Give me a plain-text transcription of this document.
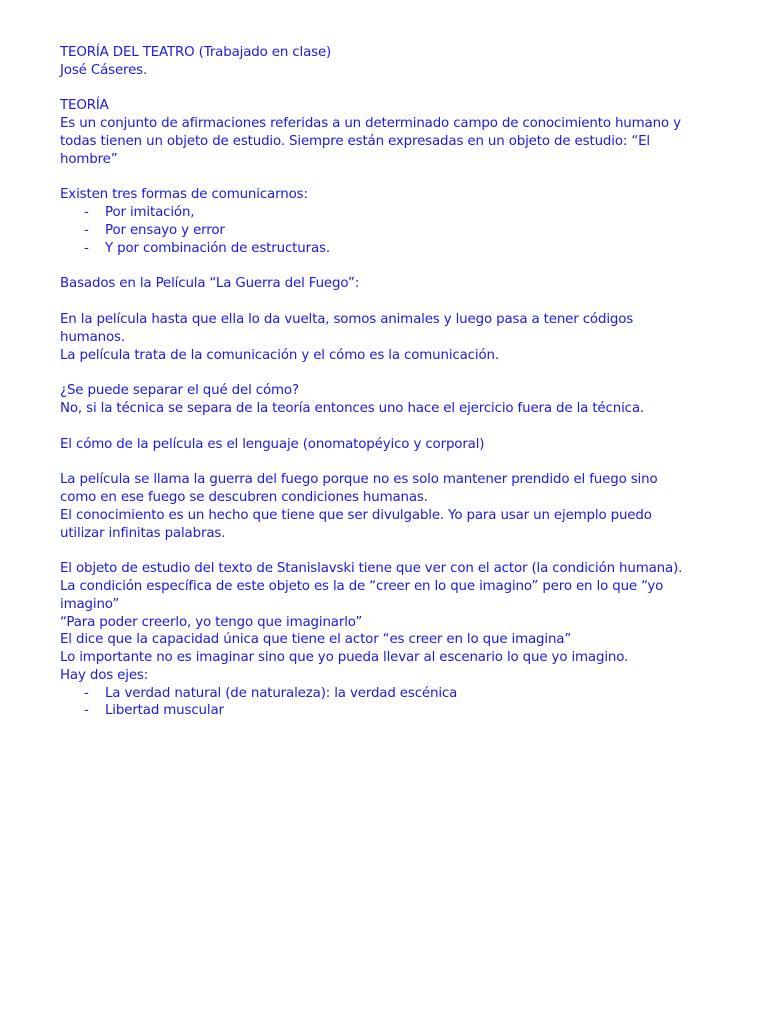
TEORÍA DEL TEATRO (Trabajado en clase)
José Cáseres.
TEORÍA
Es un conjunto de afirmaciones referidas a un determinado campo de conocimiento humano y
todas tienen un objeto de estudio. Siempre están expresadas en un objeto de estudio: “El
hombre”
Existen tres formas de comunicarnos:
- Por imitación,
- Por ensayo y error
- Y por combinación de estructuras.
Basados en la Película “La Guerra del Fuego”:
En la película hasta que ella lo da vuelta, somos animales y luego pasa a tener códigos
humanos.
La película trata de la comunicación y el cómo es la comunicación.
¿Se puede separar el qué del cómo?
No, si la técnica se separa de la teoría entonces uno hace el ejercicio fuera de la técnica.
El cómo de la película es el lenguaje (onomatopéyico y corporal)
La película se llama la guerra del fuego porque no es solo mantener prendido el fuego sino
como en ese fuego se descubren condiciones humanas.
El conocimiento es un hecho que tiene que ser divulgable. Yo para usar un ejemplo puedo
utilizar infinitas palabras.
El objeto de estudio del texto de Stanislavski tiene que ver con el actor (la condición humana).
La condición específica de este objeto es la de “creer en lo que imagino” pero en lo que “yo
imagino”
“Para poder creerlo, yo tengo que imaginarlo”
El dice que la capacidad única que tiene el actor “es creer en lo que imagina”
Lo importante no es imaginar sino que yo pueda llevar al escenario lo que yo imagino.
Hay dos ejes:
- La verdad natural (de naturaleza): la verdad escénica
- Libertad muscular
